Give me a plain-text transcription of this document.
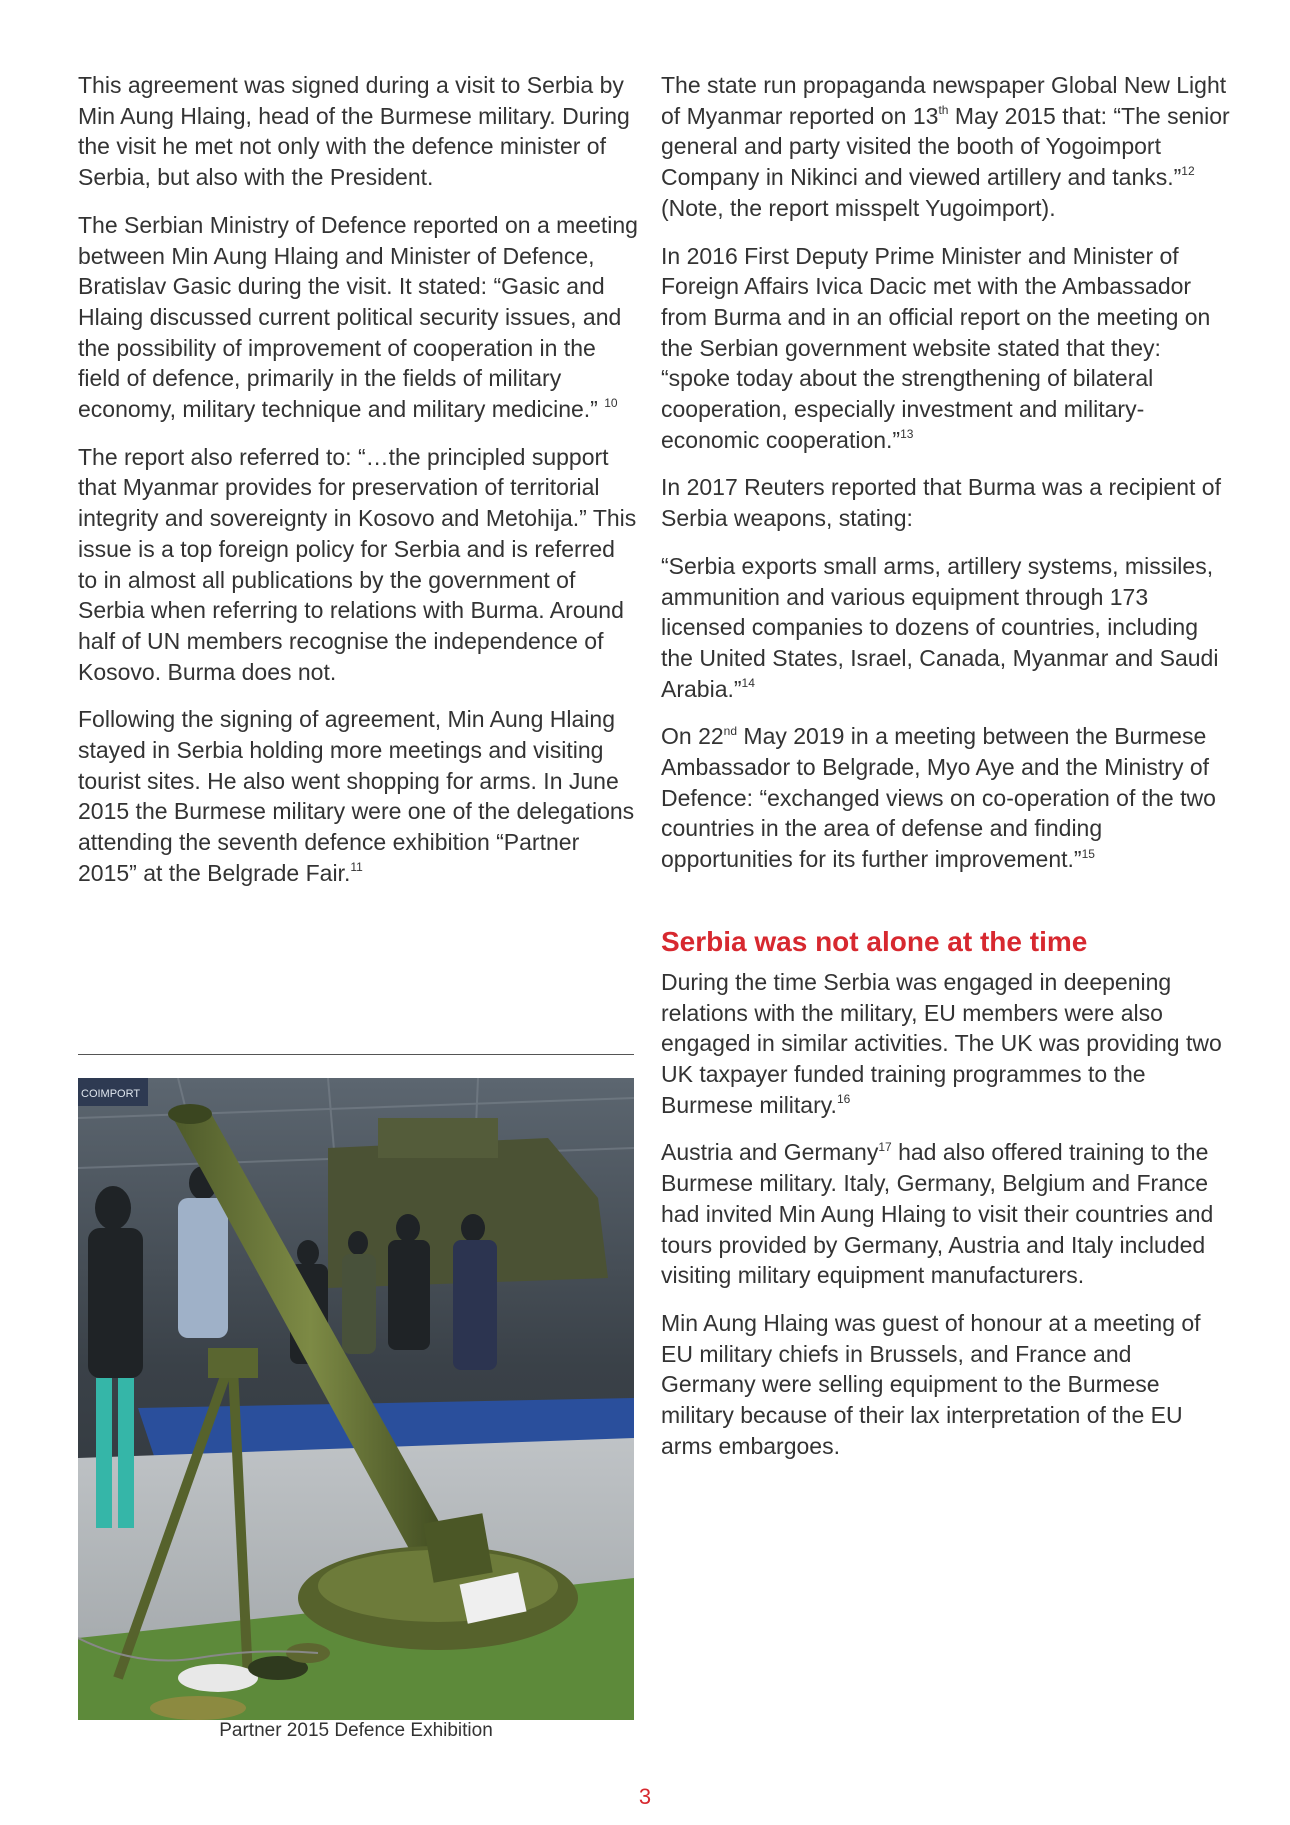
This agreement was signed during a visit to Serbia by Min Aung Hlaing, head of the Burmese military. During the visit he met not only with the defence minister of Serbia, but also with the President.

The Serbian Ministry of Defence reported on a meeting between Min Aung Hlaing and Minister of Defence, Bratislav Gasic during the visit. It stated: “Gasic and Hlaing discussed current political security issues, and the possibility of improvement of cooperation in the field of defence, primarily in the fields of military economy, military technique and military medicine.” $^{10}$

The report also referred to: “…the principled support that Myanmar provides for preservation of territorial integrity and sovereignty in Kosovo and Metohija.” This issue is a top foreign policy for Serbia and is referred to in almost all publications by the government of Serbia when referring to relations with Burma. Around half of UN members recognise the independence of Kosovo. Burma does not.

Following the signing of agreement, Min Aung Hlaing stayed in Serbia holding more meetings and visiting tourist sites. He also went shopping for arms. In June 2015 the Burmese military were one of the delegations attending the seventh defence exhibition “Partner 2015” at the Belgrade Fair.$^{11}$

The state run propaganda newspaper Global New Light of Myanmar reported on 13th May 2015 that: “The senior general and party visited the booth of Yogoimport Company in Nikinci and viewed artillery and tanks.”$^{12}$ (Note, the report misspelt Yugoimport).

In 2016 First Deputy Prime Minister and Minister of Foreign Affairs Ivica Dacic met with the Ambassador from Burma and in an official report on the meeting on the Serbian government website stated that they: “spoke today about the strengthening of bilateral cooperation, especially investment and military-economic cooperation.”$^{13}$

In 2017 Reuters reported that Burma was a recipient of Serbia weapons, stating:

“Serbia exports small arms, artillery systems, missiles, ammunition and various equipment through 173 licensed companies to dozens of countries, including the United States, Israel, Canada, Myanmar and Saudi Arabia.”$^{14}$

On 22nd May 2019 in a meeting between the Burmese Ambassador to Belgrade, Myo Aye and the Ministry of Defence: “exchanged views on co-operation of the two countries in the area of defense and finding opportunities for its further improvement.”$^{15}$

Serbia was not alone at the time

During the time Serbia was engaged in deepening relations with the military, EU members were also engaged in similar activities. The UK was providing two UK taxpayer funded training programmes to the Burmese military.$^{16}$

Austria and Germany$^{17}$ had also offered training to the Burmese military. Italy, Germany, Belgium and France had invited Min Aung Hlaing to visit their countries and tours provided by Germany, Austria and Italy included visiting military equipment manufacturers.

Min Aung Hlaing was guest of honour at a meeting of EU military chiefs in Brussels, and France and Germany were selling equipment to the Burmese military because of their lax interpretation of the EU arms embargoes.

COIMPORT
Partner 2015 Defence Exhibition
3
